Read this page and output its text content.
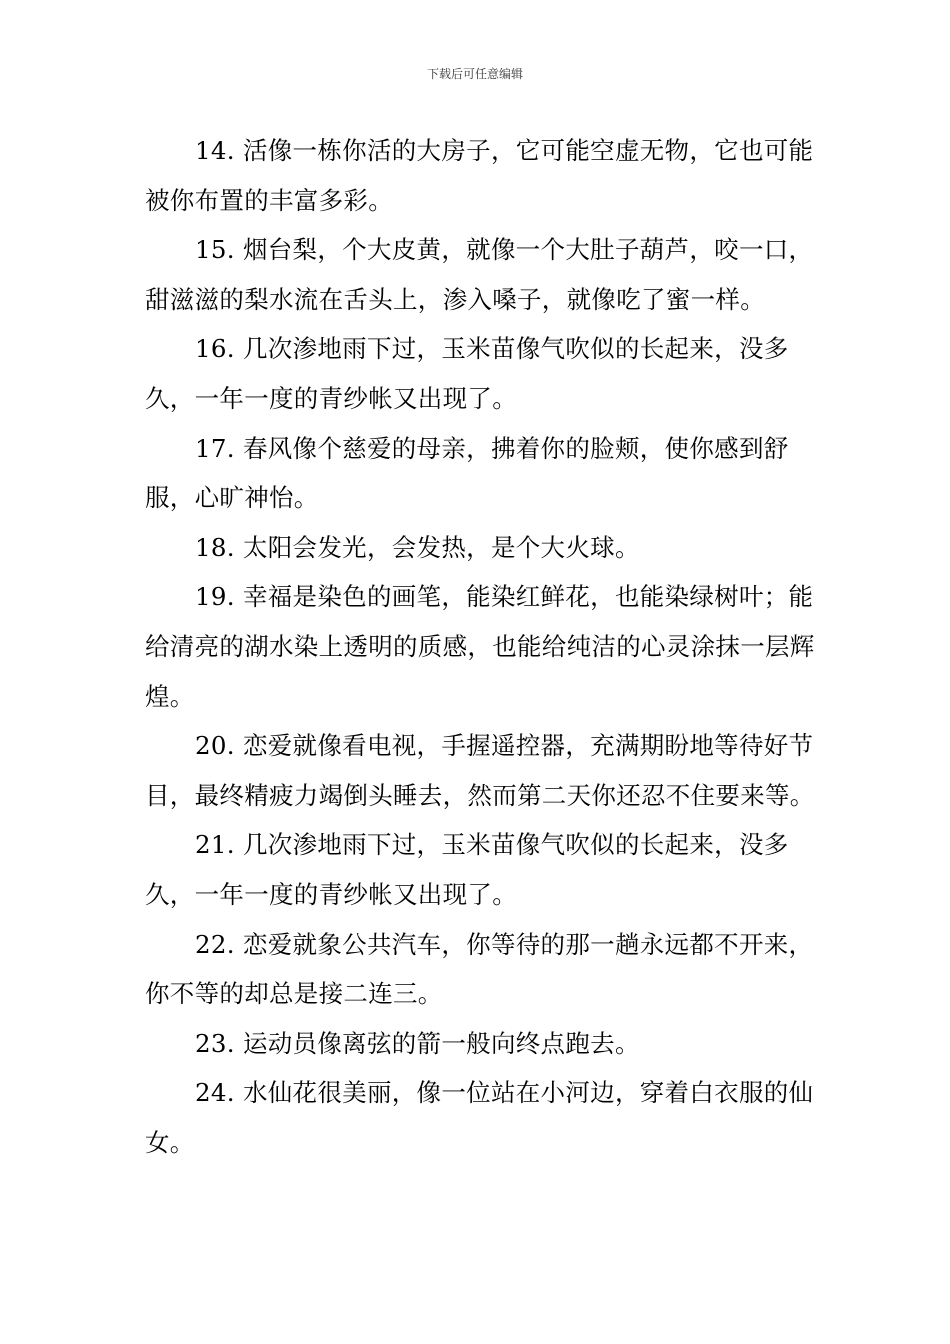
下载后可任意编辑

14. 活像一栋你活的大房子，它可能空虚无物，它也可能被你布置的丰富多彩。

15. 烟台梨，个大皮黄，就像一个大肚子葫芦，咬一口，甜滋滋的梨水流在舌头上，渗入嗓子，就像吃了蜜一样。

16. 几次渗地雨下过，玉米苗像气吹似的长起来，没多久，一年一度的青纱帐又出现了。

17. 春风像个慈爱的母亲，拂着你的脸颊，使你感到舒服，心旷神怡。

18. 太阳会发光，会发热，是个大火球。

19. 幸福是染色的画笔，能染红鲜花，也能染绿树叶；能给清亮的湖水染上透明的质感，也能给纯洁的心灵涂抹一层辉煌。

20. 恋爱就像看电视，手握遥控器，充满期盼地等待好节目，最终精疲力竭倒头睡去，然而第二天你还忍不住要来等。

21. 几次渗地雨下过，玉米苗像气吹似的长起来，没多久，一年一度的青纱帐又出现了。

22. 恋爱就象公共汽车，你等待的那一趟永远都不开来，你不等的却总是接二连三。

23. 运动员像离弦的箭一般向终点跑去。

24. 水仙花很美丽，像一位站在小河边，穿着白衣服的仙女。
